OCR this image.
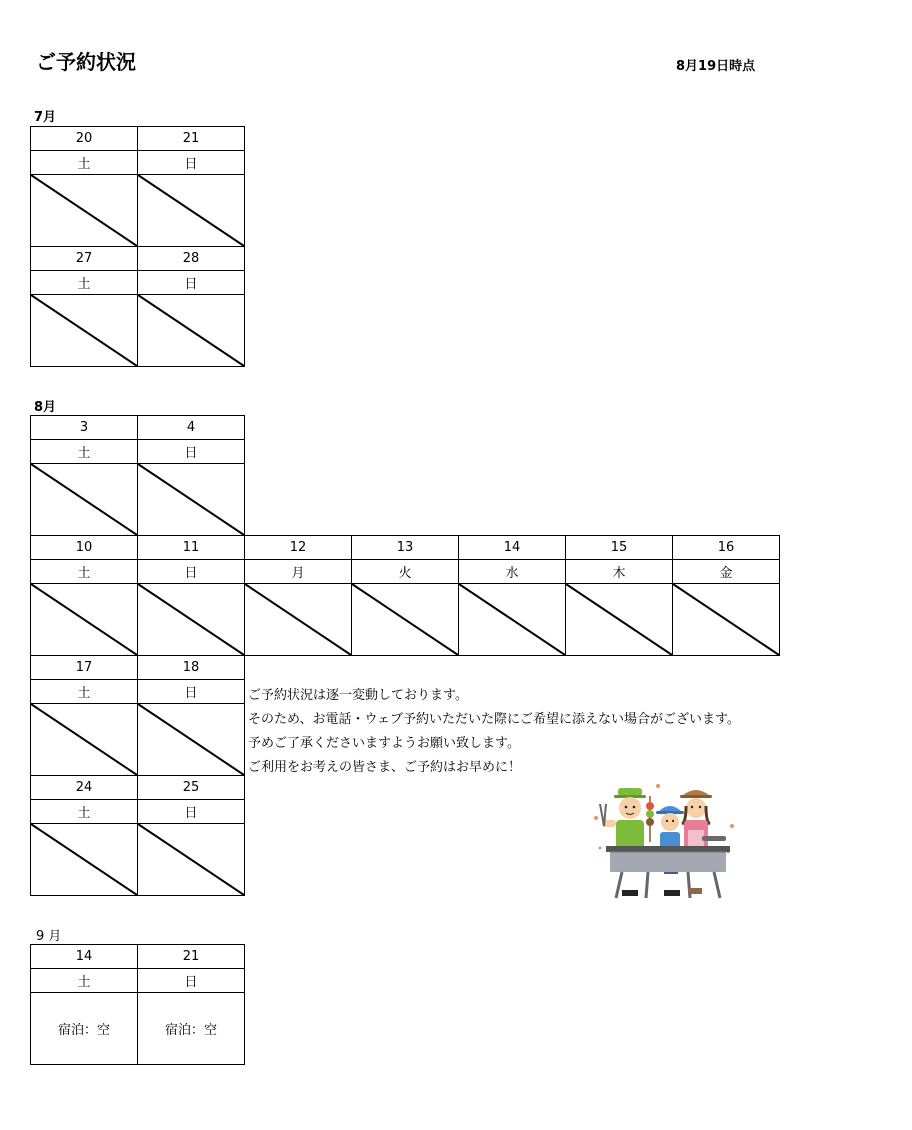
ご予約状況	8月19日時点
7月
20
土
21
日
27
土
28
日
8月
3
土
4
日
10
土
11
日
12
月
13
火
14
水
15
木
16
金
17
土
18
日
24
土
25
日
9 月
14
土
宿泊：空
21
日
宿泊：空
ご予約状況は逐一変動しております。
そのため、お電話・ウェブ予約いただいた際にご希望に添えない場合がございます。
予めご了承くださいますようお願い致します。
ご利用をお考えの皆さま、ご予約はお早めに！
